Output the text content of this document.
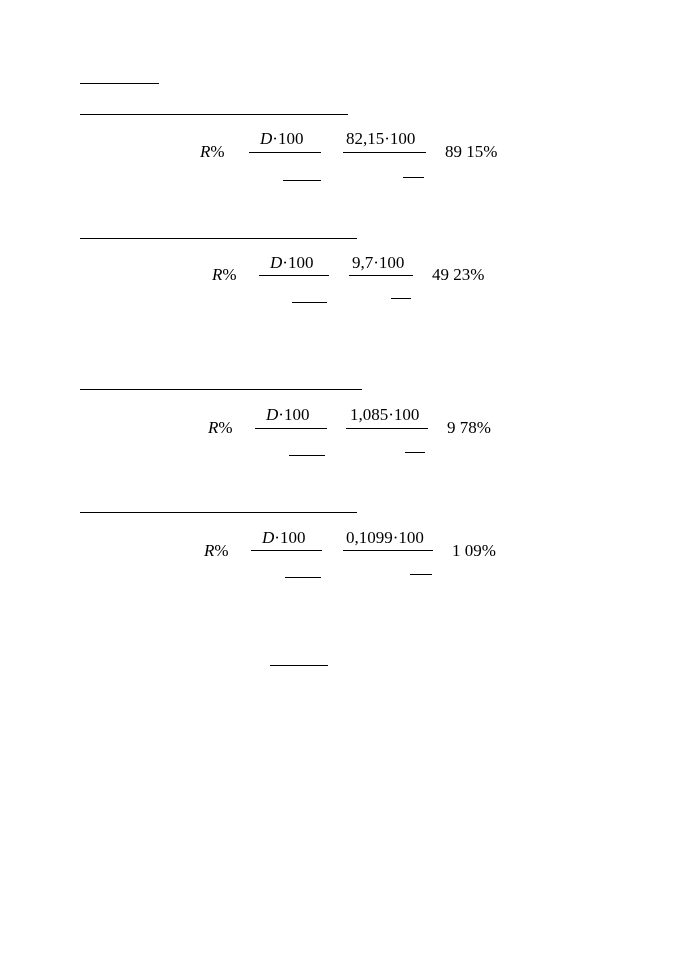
R%
D·100	82,15·100
89 15%
R%
D·100 9,7·100
49 23%
R%
D·100 1,085·100
9 78%
R%
D·100 0,1099·100
1 09%
